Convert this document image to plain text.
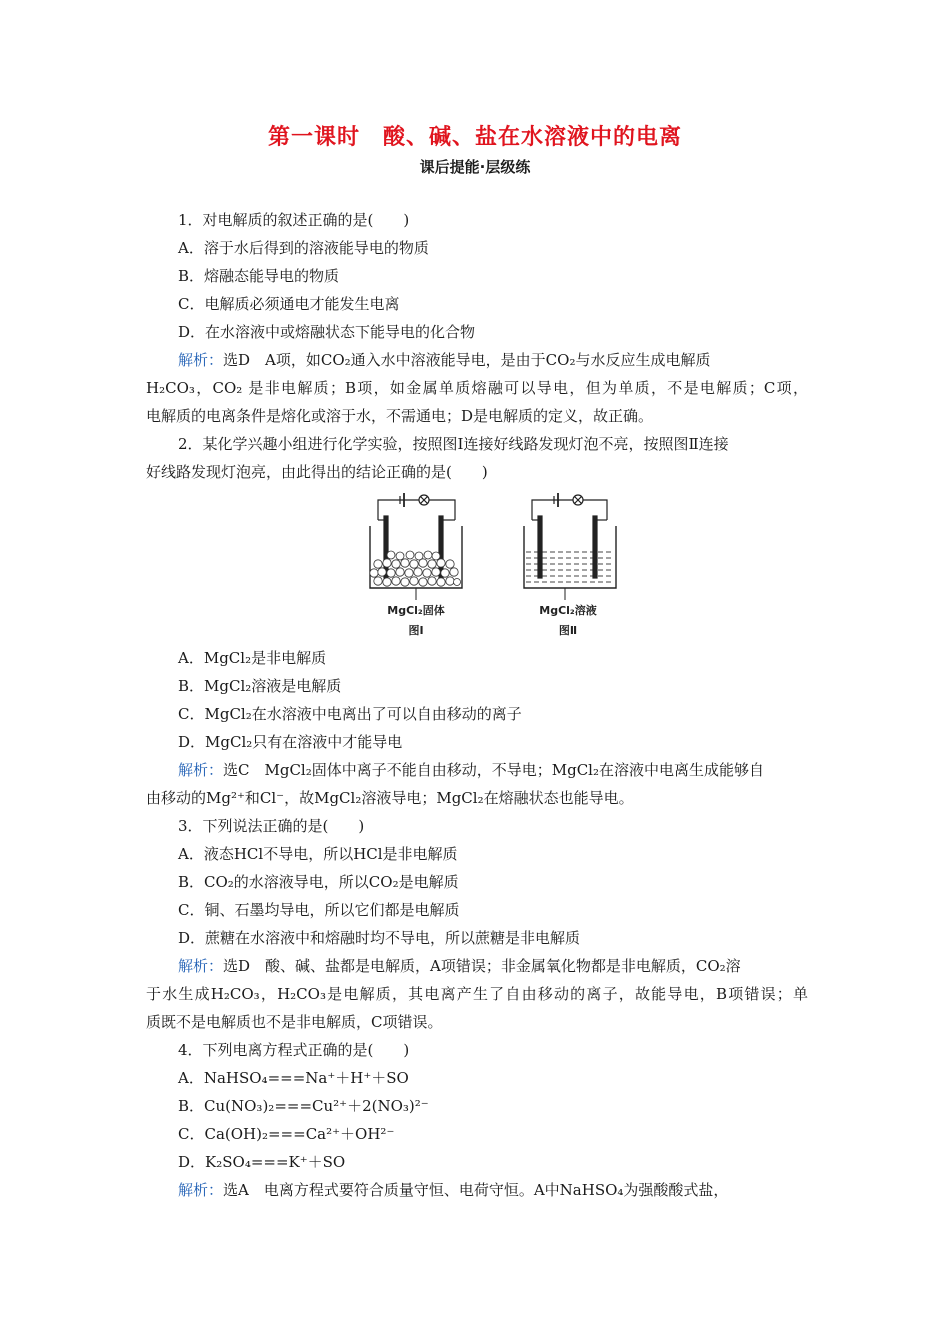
第一课时　酸、碱、盐在水溶液中的电离
课后提能·层级练
1．对电解质的叙述正确的是(　　)
A．溶于水后得到的溶液能导电的物质
B．熔融态能导电的物质
C．电解质必须通电才能发生电离
D．在水溶液中或熔融状态下能导电的化合物
解析：选D　A项，如CO₂通入水中溶液能导电，是由于CO₂与水反应生成电解质
H₂CO₃，CO₂ 是非电解质；B项，如金属单质熔融可以导电，但为单质，不是电解质；C项，
电解质的电离条件是熔化或溶于水，不需通电；D是电解质的定义，故正确。
2．某化学兴趣小组进行化学实验，按照图Ⅰ连接好线路发现灯泡不亮，按照图Ⅱ连接
好线路发现灯泡亮，由此得出的结论正确的是(　　)
MgCl₂固体
图Ⅰ
MgCl₂溶液
图Ⅱ
A．MgCl₂是非电解质
B．MgCl₂溶液是电解质
C．MgCl₂在水溶液中电离出了可以自由移动的离子
D．MgCl₂只有在溶液中才能导电
解析：选C　MgCl₂固体中离子不能自由移动，不导电；MgCl₂在溶液中电离生成能够自
由移动的Mg²⁺和Cl⁻，故MgCl₂溶液导电；MgCl₂在熔融状态也能导电。
3．下列说法正确的是(　　)
A．液态HCl不导电，所以HCl是非电解质
B．CO₂的水溶液导电，所以CO₂是电解质
C．铜、石墨均导电，所以它们都是电解质
D．蔗糖在水溶液中和熔融时均不导电，所以蔗糖是非电解质
解析：选D　酸、碱、盐都是电解质，A项错误；非金属氧化物都是非电解质，CO₂溶
于水生成H₂CO₃，H₂CO₃是电解质，其电离产生了自由移动的离子，故能导电，B项错误；单
质既不是电解质也不是非电解质，C项错误。
4．下列电离方程式正确的是(　　)
A．NaHSO₄===Na⁺＋H⁺＋SO
B．Cu(NO₃)₂===Cu²⁺＋2(NO₃)²⁻
C．Ca(OH)₂===Ca²⁺＋OH²⁻
D．K₂SO₄===K⁺＋SO
解析：选A　电离方程式要符合质量守恒、电荷守恒。A中NaHSO₄为强酸酸式盐，
